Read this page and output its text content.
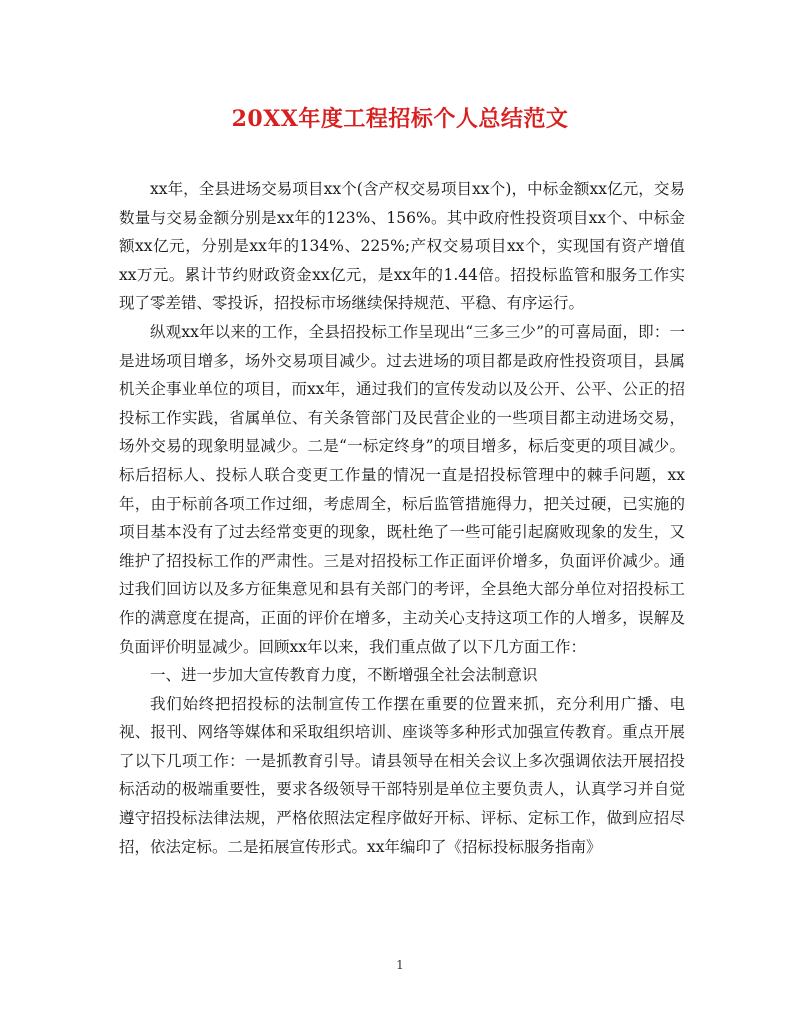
20XX年度工程招标个人总结范文

xx年，全县进场交易项目xx个(含产权交易项目xx个)，中标金额xx亿元，交易数量与交易金额分别是xx年的123%、156%。其中政府性投资项目xx个、中标金额xx亿元，分别是xx年的134%、225%;产权交易项目xx个，实现国有资产增值xx万元。累计节约财政资金xx亿元，是xx年的1.44倍。招投标监管和服务工作实现了零差错、零投诉，招投标市场继续保持规范、平稳、有序运行。

纵观xx年以来的工作，全县招投标工作呈现出“三多三少”的可喜局面，即：一是进场项目增多，场外交易项目减少。过去进场的项目都是政府性投资项目，县属机关企事业单位的项目，而xx年，通过我们的宣传发动以及公开、公平、公正的招投标工作实践，省属单位、有关条管部门及民营企业的一些项目都主动进场交易，场外交易的现象明显减少。二是“一标定终身”的项目增多，标后变更的项目减少。标后招标人、投标人联合变更工作量的情况一直是招投标管理中的棘手问题，xx年，由于标前各项工作过细，考虑周全，标后监管措施得力，把关过硬，已实施的项目基本没有了过去经常变更的现象，既杜绝了一些可能引起腐败现象的发生，又维护了招投标工作的严肃性。三是对招投标工作正面评价增多，负面评价减少。通过我们回访以及多方征集意见和县有关部门的考评，全县绝大部分单位对招投标工作的满意度在提高，正面的评价在增多，主动关心支持这项工作的人增多，误解及负面评价明显减少。回顾xx年以来，我们重点做了以下几方面工作：

一、进一步加大宣传教育力度，不断增强全社会法制意识

我们始终把招投标的法制宣传工作摆在重要的位置来抓，充分利用广播、电视、报刊、网络等媒体和采取组织培训、座谈等多种形式加强宣传教育。重点开展了以下几项工作：一是抓教育引导。请县领导在相关会议上多次强调依法开展招投标活动的极端重要性，要求各级领导干部特别是单位主要负责人，认真学习并自觉遵守招投标法律法规，严格依照法定程序做好开标、评标、定标工作，做到应招尽招，依法定标。二是拓展宣传形式。xx年编印了《招标投标服务指南》

1
